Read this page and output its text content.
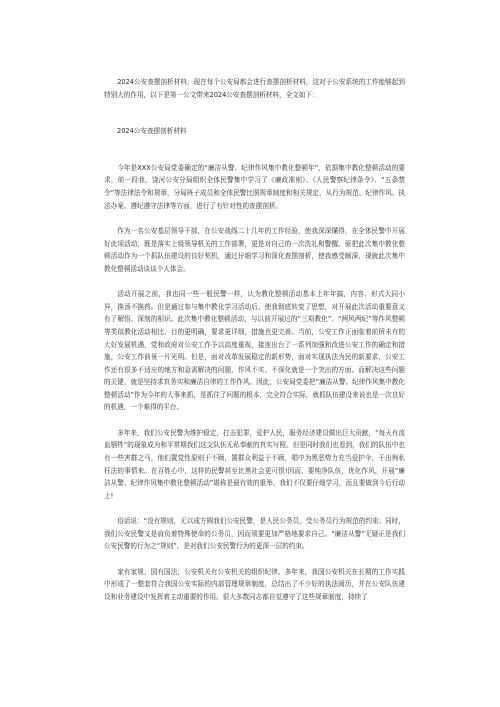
2024公安查摆剖析材料，现在每个公安局都会进行查摆剖析材料，这对于公安系统的工作能够起到特别大的作用，以下是第一公文带来2024公安查摆剖析材料，全文如下：

2024公安查摆剖析材料

今年是XXX公安局党委确定的“廉洁从警、纪律作风集中教化整顿年”，依据集中教化整顿活动的要求，前一段我，饶河公安分局组织全体民警集中学习了《廉政准则》、《人民警察纪律条令》、“五条禁令”等法律法令和规章，分局班子成员和全体民警比照规章制度和相关规定，从行为规范、纪律作风、执法办案、遵纪遵守法律等方面，进行了有针对性的查摆剖析。

作为一名公安基层领导干部，在公安战线二十几年的工作经验，使我深深懂得，在全体民警中开展好此项活动，既是落实上级领导机关的工作部署，更是对自己的一次洗礼和警醒。驱把此次集中教化整顿活动作为一个抓队伍建设的良好契机，通过仔细学习和深化查摆剖析，使我感受颇深，现就此次集中教化整顿活动谈谈个人体会。

活动开展之前，我也同一些一般民警一样，认为教化整顿活动基本上年年搞，内容、形式大同小异，换汤不换药。但是通过参与集中教化学习活动后，使我彻底转变了思想，对开展此次活动重要意义有了解悟、深刻的相识。此次集中教化整顿活动，与以前开展过的“三项教化”、“两风两纪”等作风整顿等类似教化活动相比，目的更明确，要求更详细，措施也更完善。当前，公安工作正面临着前所未有的大好发展机遇，党和政府对公安工作予以高度重视，接连出台了一系列加强和改进公安工作的确定和措施，公安工作前景一片光明。但是，面对改革发展稳定的新形势，面对实现执法为民的新要求，公安工作还有很多不适应的地方和急需解决的问题，作风不实、不深化就是一个突出的方面。而解决这些问题的关键，就是坚持求真务实和廉洁自律的工作作风。因此，公安局党委把“廉洁从警、纪律作风集中教化整顿活动”作为今年的大事来抓，是抓住了问题的根本，完全符合实际，就抓队伍建设来说也是一次良好的机遇，一个难得的平台。

多年来，我们公安民警为维护稳定，打击犯罪，爱护人民，服务经济建设做出巨大贡献，“每天有流血牺牲”的现象成为和平常期我们这支队伍无私奉献的真实写照。但是同时我们也看到，我们的队伍中也有一些害群之马，他们置党性原则于不顾，置群众利益于不顾，唱中为黑恶势力充当爱护伞，干出徇私枉法的事情来。在百姓心中，这样的民警甚至比黑社会更可恨!因而，要纯净队伍，优化作风，开展“廉洁从警、纪律作风集中教化整顿活动”堪称是最有效的重举，我们不仅要仔细学习，而且要做到今后行动上!

俗话说：“没有规则，无以成方圆我们公安民警，是人民公务员，受公务员行为规范的约束；同时，我们公安民警又是肩负着特殊使命的公务员，因而须要更加严格地要求自己。“廉洁从警”无疑正是我们公安民警的行为之“规则”，是对我们公安民警行为的更深一层的约束。

家有家规，国有国法，公安机关有公安机关的组织纪律。多年来，我国公安机关在长期的工作实践中形成了一整套符合我国公安实际的内部管理规章制度，总结出了不少好的执法阅历，并在公安队伍建设和业务建设中发挥着主动重要的作用。很大多数同志都自觉遵守了这些规章制度，持续了
